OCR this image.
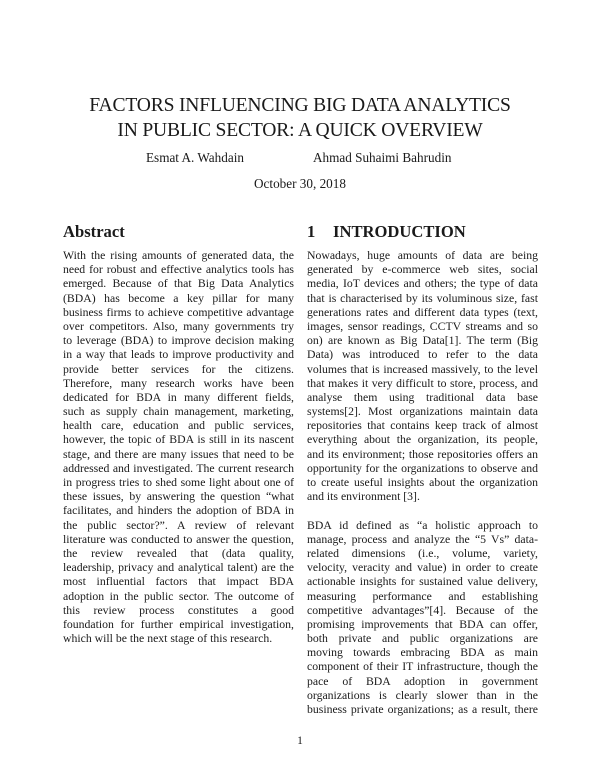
FACTORS INFLUENCING BIG DATA ANALYTICS
IN PUBLIC SECTOR: A QUICK OVERVIEW
Esmat A. Wahdain	Ahmad Suhaimi Bahrudin
October 30, 2018
Abstract	1 INTRODUCTION
With the rising amounts of generated data, the
need for robust and effective analytics tools has
emerged. Because of that Big Data Analytics
(BDA) has become a key pillar for many
business firms to achieve competitive advantage
over competitors. Also, many governments try
to leverage (BDA) to improve decision making
in a way that leads to improve productivity and
provide better services for the citizens.
Therefore, many research works have been
dedicated for BDA in many different fields,
such as supply chain management, marketing,
health care, education and public services,
however, the topic of BDA is still in its nascent
stage, and there are many issues that need to be
addressed and investigated. The current research
in progress tries to shed some light about one of
these issues, by answering the question “what
facilitates, and hinders the adoption of BDA in
the public sector?”. A review of relevant
literature was conducted to answer the question,
the review revealed that (data quality,
leadership, privacy and analytical talent) are the
most influential factors that impact BDA
adoption in the public sector. The outcome of
this review process constitutes a good
foundation for further empirical investigation,
which will be the next stage of this research.
Nowadays, huge amounts of data are being
generated by e-commerce web sites, social
media, IoT devices and others; the type of data
that is characterised by its voluminous size, fast
generations rates and different data types (text,
images, sensor readings, CCTV streams and so
on) are known as Big Data[1]. The term (Big
Data) was introduced to refer to the data
volumes that is increased massively, to the level
that makes it very difficult to store, process, and
analyse them using traditional data base
systems[2]. Most organizations maintain data
repositories that contains keep track of almost
everything about the organization, its people,
and its environment; those repositories offers an
opportunity for the organizations to observe and
to create useful insights about the organization
and its environment [3].
BDA id defined as “a holistic approach to
manage, process and analyze the “5 Vs” data-
related dimensions (i.e., volume, variety,
velocity, veracity and value) in order to create
actionable insights for sustained value delivery,
measuring performance and establishing
competitive advantages”[4]. Because of the
promising improvements that BDA can offer,
both private and public organizations are
moving towards embracing BDA as main
component of their IT infrastructure, though the
pace of BDA adoption in government
organizations is clearly slower than in the
business private organizations; as a result, there
1
